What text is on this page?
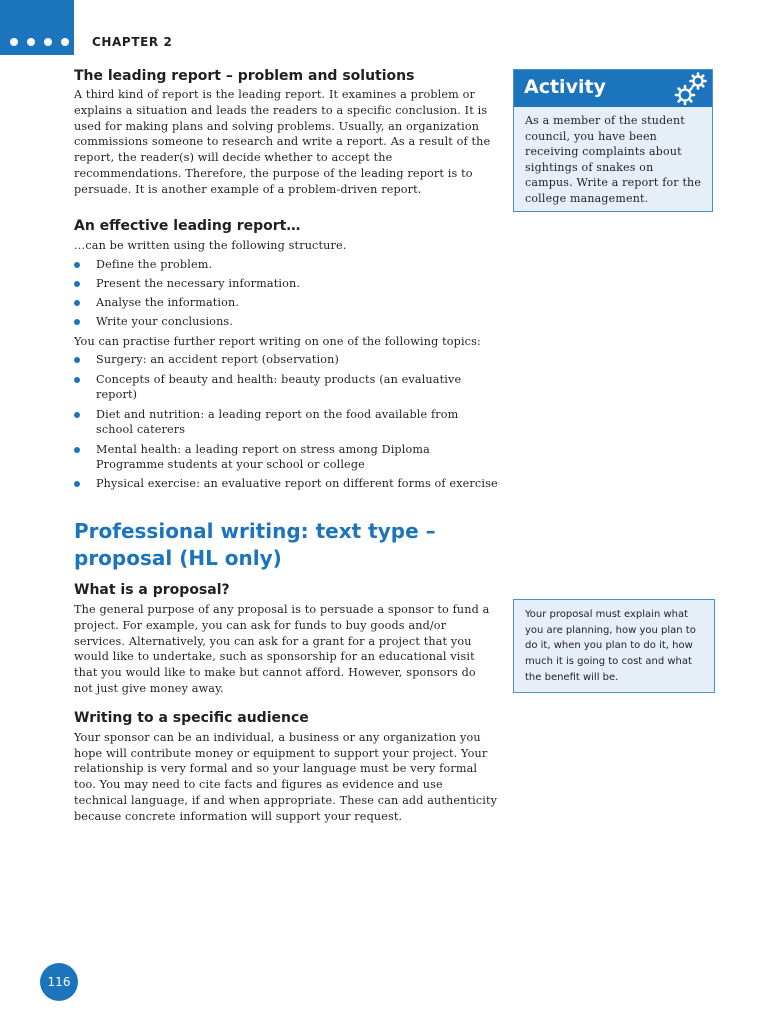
CHAPTER 2
The leading report – problem and solutions

A third kind of report is the leading report. It examines a problem or explains a situation and leads the readers to a specific conclusion. It is used for making plans and solving problems. Usually, an organization commissions someone to research and write a report. As a result of the report, the reader(s) will decide whether to accept the recommendations. Therefore, the purpose of the leading report is to persuade. It is another example of a problem-driven report.

An effective leading report…

…can be written using the following structure.

Define the problem.
Present the necessary information.
Analyse the information.
Write your conclusions.

You can practise further report writing on one of the following topics:

Surgery: an accident report (observation)
Concepts of beauty and health: beauty products (an evaluative report)
Diet and nutrition: a leading report on the food available from school caterers
Mental health: a leading report on stress among Diploma Programme students at your school or college
Physical exercise: an evaluative report on different forms of exercise
Professional writing: text type – proposal (HL only)
What is a proposal?

The general purpose of any proposal is to persuade a sponsor to fund a project. For example, you can ask for funds to buy goods and/or services. Alternatively, you can ask for a grant for a project that you would like to undertake, such as sponsorship for an educational visit that you would like to make but cannot afford. However, sponsors do not just give money away.

Writing to a specific audience

Your sponsor can be an individual, a business or any organization you hope will contribute money or equipment to support your project. Your relationship is very formal and so your language must be very formal too. You may need to cite facts and figures as evidence and use technical language, if and when appropriate. These can add authenticity because concrete information will support your request.

Activity
As a member of the student council, you have been receiving complaints about sightings of snakes on campus. Write a report for the college management.
Your proposal must explain what you are planning, how you plan to do it, when you plan to do it, how much it is going to cost and what the benefit will be.
116
